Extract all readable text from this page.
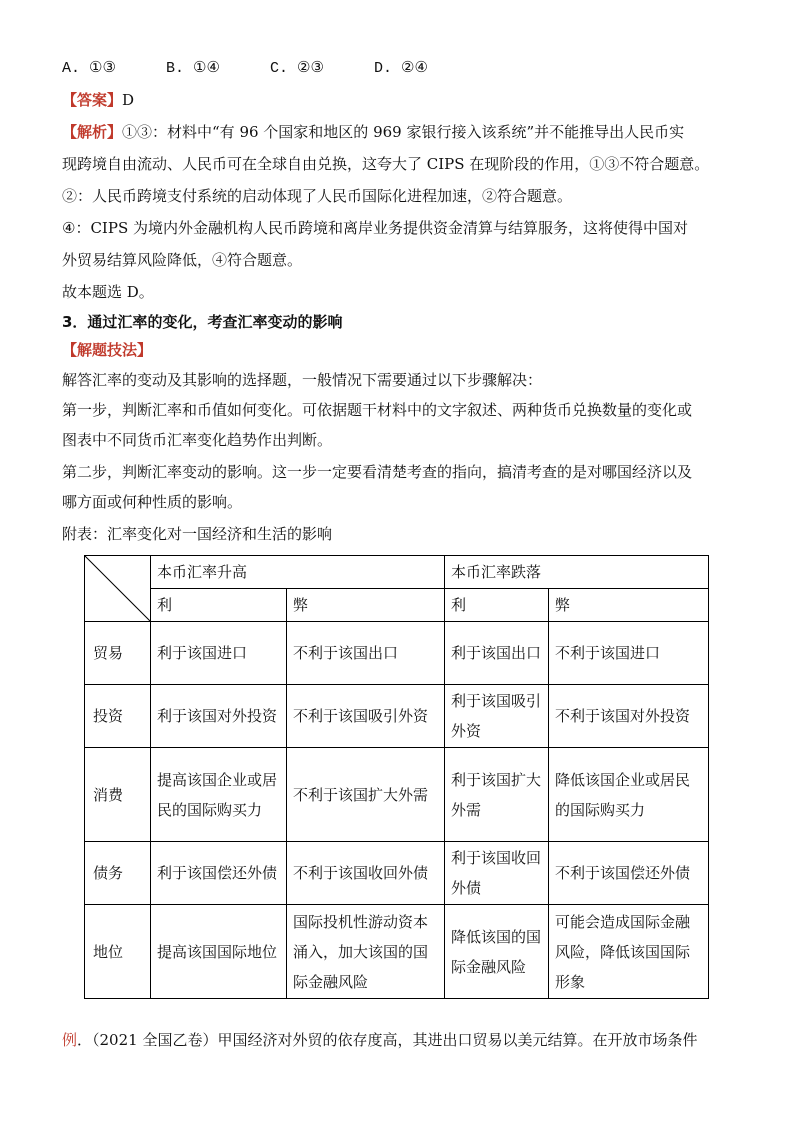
A. ①③	B. ①④	C. ②③	D. ②④
【答案】D
【解析】①③：材料中“有 96 个国家和地区的 969 家银行接入该系统”并不能推导出人民币实
现跨境自由流动、人民币可在全球自由兑换，这夸大了 CIPS 在现阶段的作用，①③不符合题意。
②：人民币跨境支付系统的启动体现了人民币国际化进程加速，②符合题意。
④：CIPS 为境内外金融机构人民币跨境和离岸业务提供资金清算与结算服务，这将使得中国对
外贸易结算风险降低，④符合题意。
故本题选 D。
3．通过汇率的变化，考查汇率变动的影响
【解题技法】
解答汇率的变动及其影响的选择题，一般情况下需要通过以下步骤解决：
第一步，判断汇率和币值如何变化。可依据题干材料中的文字叙述、两种货币兑换数量的变化或
图表中不同货币汇率变化趋势作出判断。
第二步，判断汇率变动的影响。这一步一定要看清楚考查的指向，搞清考查的是对哪国经济以及
哪方面或何种性质的影响。
附表：汇率变化对一国经济和生活的影响
	本币汇率升高		本币汇率跌落	
	利	弊	利	弊
贸易	利于该国进口	不利于该国出口	利于该国出口	不利于该国进口
投资	利于该国对外投资	不利于该国吸引外资	利于该国吸引外资	不利于该国对外投资
消费	提高该国企业或居民的国际购买力	不利于该国扩大外需	利于该国扩大外需	降低该国企业或居民的国际购买力
债务	利于该国偿还外债	不利于该国收回外债	利于该国收回外债	不利于该国偿还外债
地位	提高该国国际地位	国际投机性游动资本涌入，加大该国的国际金融风险	降低该国的国际金融风险	可能会造成国际金融风险，降低该国国际形象
例．（2021 全国乙卷）甲国经济对外贸的依存度高，其进出口贸易以美元结算。在开放市场条件
